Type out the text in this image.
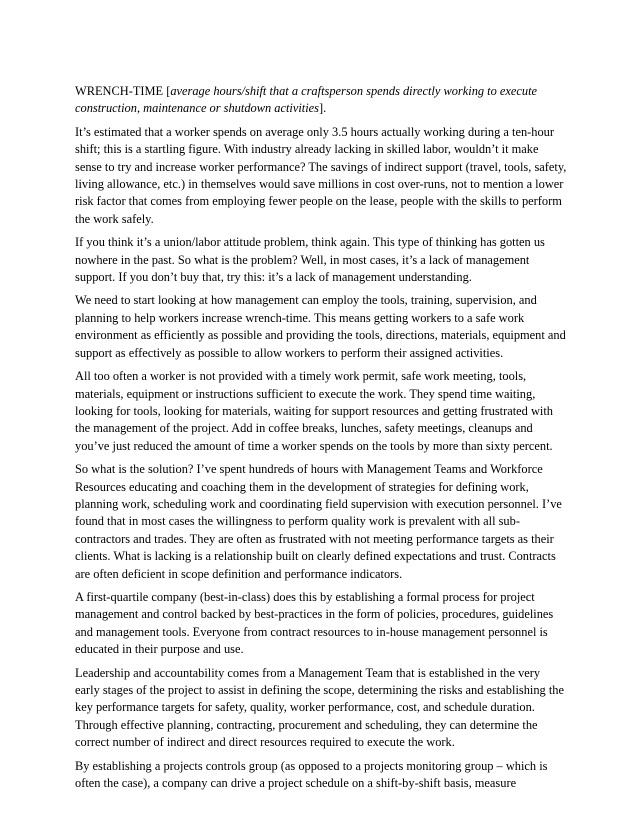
WRENCH-TIME [average hours/shift that a craftsperson spends directly working to execute construction, maintenance or shutdown activities].

It’s estimated that a worker spends on average only 3.5 hours actually working during a ten-hour shift; this is a startling figure. With industry already lacking in skilled labor, wouldn’t it make sense to try and increase worker performance? The savings of indirect support (travel, tools, safety, living allowance, etc.) in themselves would save millions in cost over-runs, not to mention a lower risk factor that comes from employing fewer people on the lease, people with the skills to perform the work safely.

If you think it’s a union/labor attitude problem, think again. This type of thinking has gotten us nowhere in the past. So what is the problem? Well, in most cases, it’s a lack of management support. If you don’t buy that, try this: it’s a lack of management understanding.

We need to start looking at how management can employ the tools, training, supervision, and planning to help workers increase wrench-time. This means getting workers to a safe work environment as efficiently as possible and providing the tools, directions, materials, equipment and support as effectively as possible to allow workers to perform their assigned activities.

All too often a worker is not provided with a timely work permit, safe work meeting, tools, materials, equipment or instructions sufficient to execute the work. They spend time waiting, looking for tools, looking for materials, waiting for support resources and getting frustrated with the management of the project. Add in coffee breaks, lunches, safety meetings, cleanups and you’ve just reduced the amount of time a worker spends on the tools by more than sixty percent.

So what is the solution? I’ve spent hundreds of hours with Management Teams and Workforce Resources educating and coaching them in the development of strategies for defining work, planning work, scheduling work and coordinating field supervision with execution personnel. I’ve found that in most cases the willingness to perform quality work is prevalent with all sub-contractors and trades. They are often as frustrated with not meeting performance targets as their clients. What is lacking is a relationship built on clearly defined expectations and trust. Contracts are often deficient in scope definition and performance indicators.

A first-quartile company (best-in-class) does this by establishing a formal process for project management and control backed by best-practices in the form of policies, procedures, guidelines and management tools. Everyone from contract resources to in-house management personnel is educated in their purpose and use.

Leadership and accountability comes from a Management Team that is established in the very early stages of the project to assist in defining the scope, determining the risks and establishing the key performance targets for safety, quality, worker performance, cost, and schedule duration. Through effective planning, contracting, procurement and scheduling, they can determine the correct number of indirect and direct resources required to execute the work.

By establishing a projects controls group (as opposed to a projects monitoring group – which is often the case), a company can drive a project schedule on a shift-by-shift basis, measure
